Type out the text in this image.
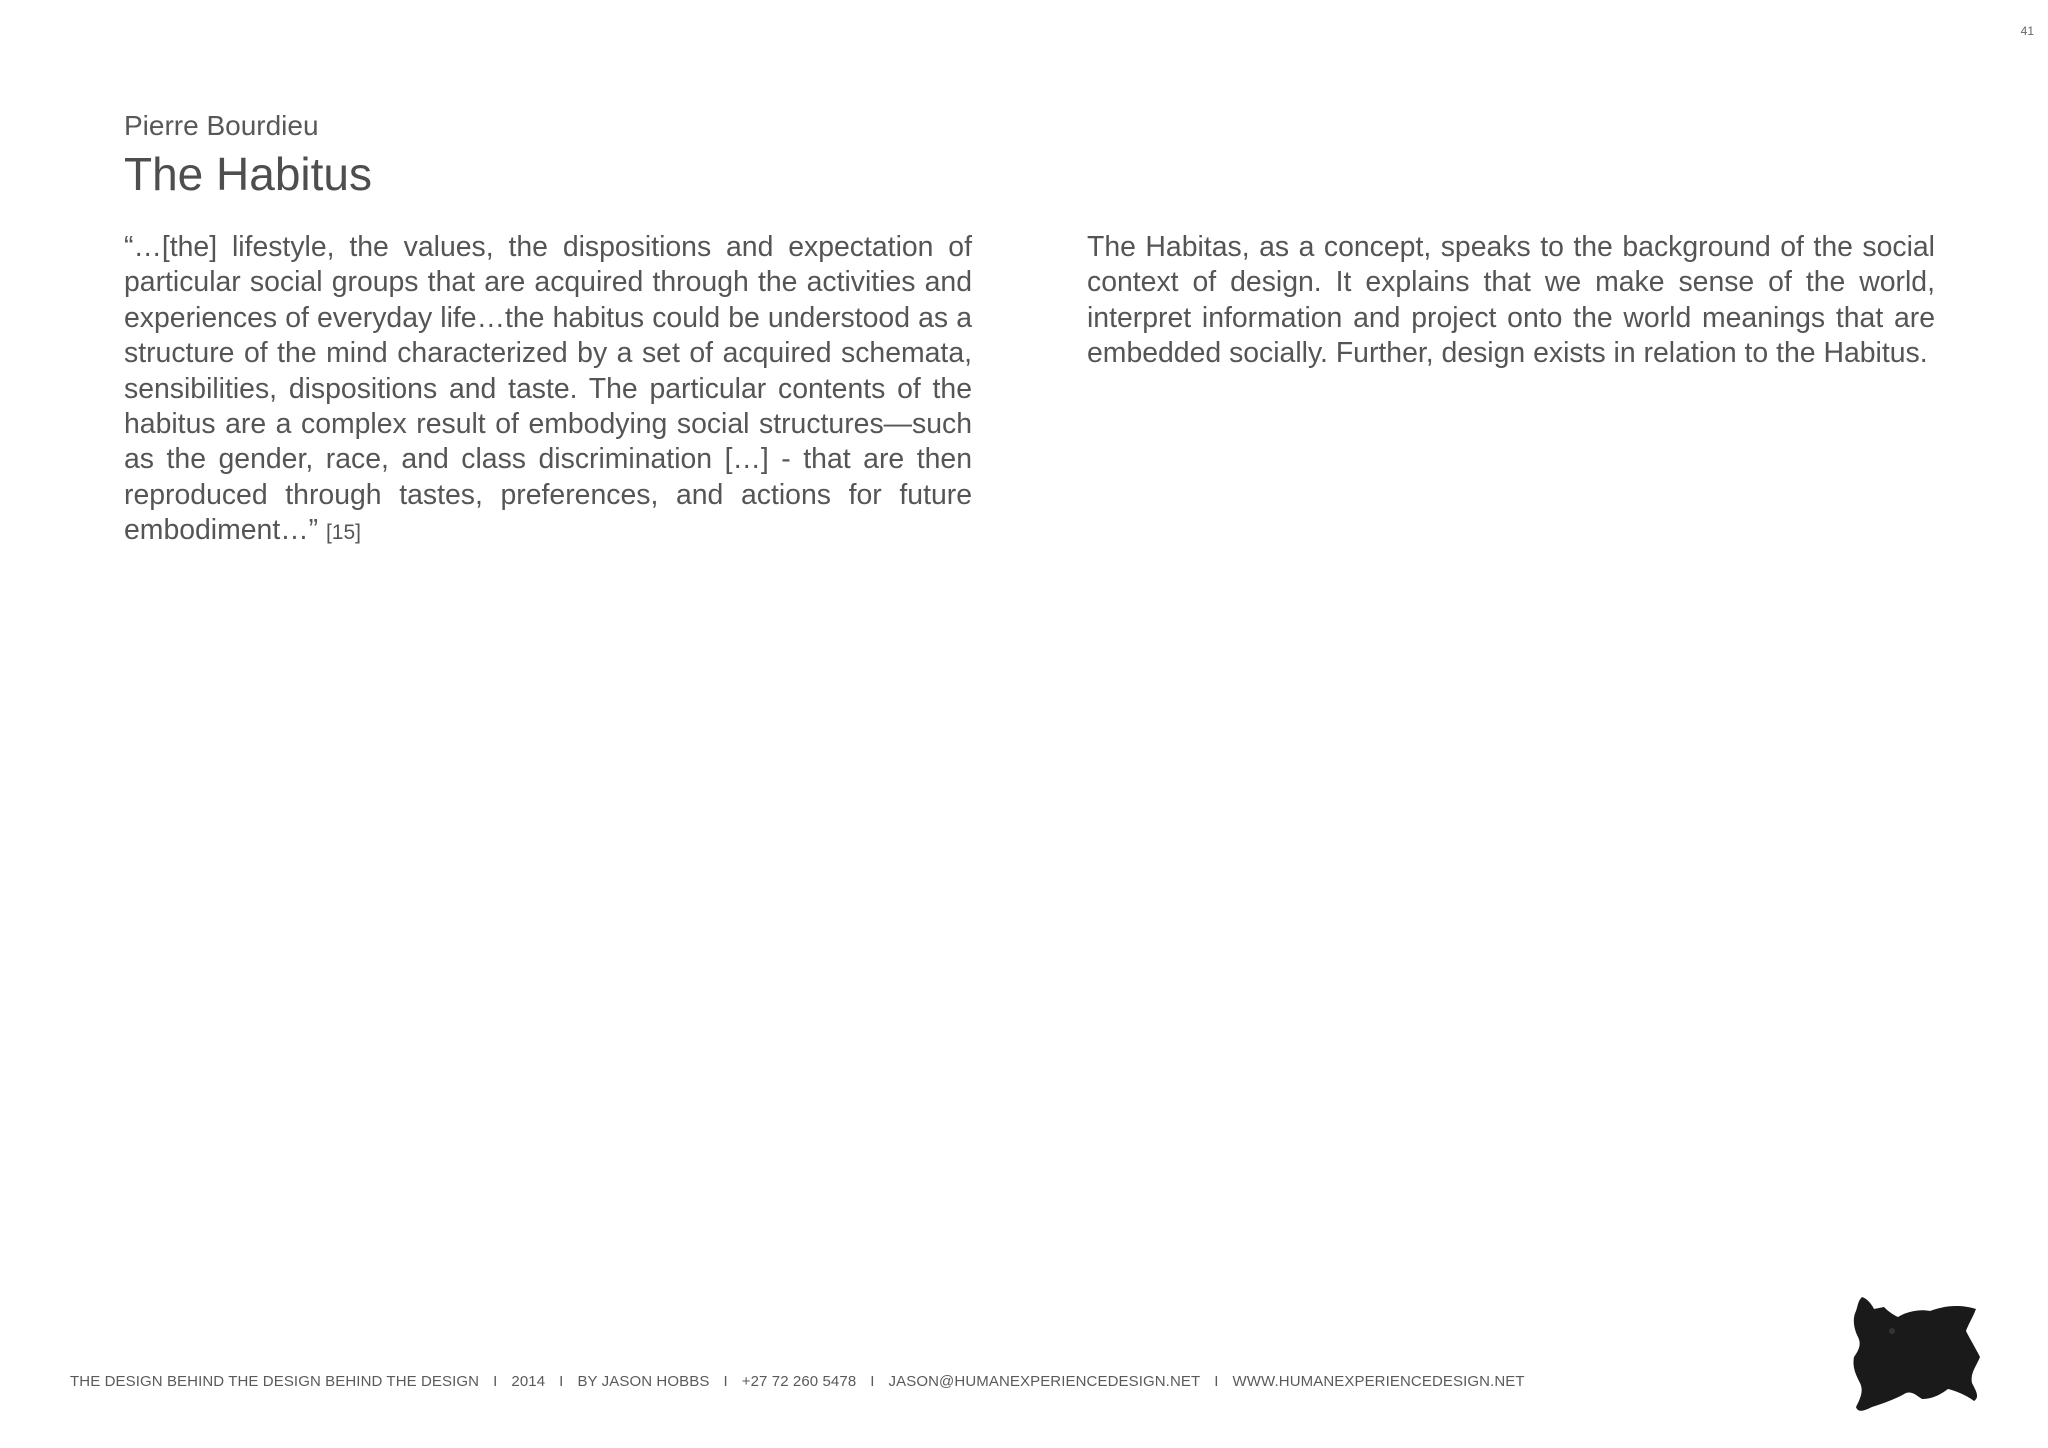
41
Pierre Bourdieu
The Habitus

“…[the] lifestyle, the values, the dispositions and expectation of particular social groups that are acquired through the activities and experiences of everyday life…the habitus could be understood as a structure of the mind characterized by a set of acquired schemata, sensibilities, dispositions and taste. The particular contents of the habitus are a complex result of embodying social structures—such as the gender, race, and class discrimination […] - that are then reproduced through tastes, preferences, and actions for future embodiment…” [15]

The Habitas, as a concept, speaks to the background of the social context of design. It explains that we make sense of the world, interpret information and project onto the world meanings that are embedded socially. Further, design exists in relation to the Habitus.

THE DESIGN BEHIND THE DESIGN BEHIND THE DESIGN I 2014 I BY JASON HOBBS I +27 72 260 5478 I JASON@HUMANEXPERIENCEDESIGN.NET I WWW.HUMANEXPERIENCEDESIGN.NET
